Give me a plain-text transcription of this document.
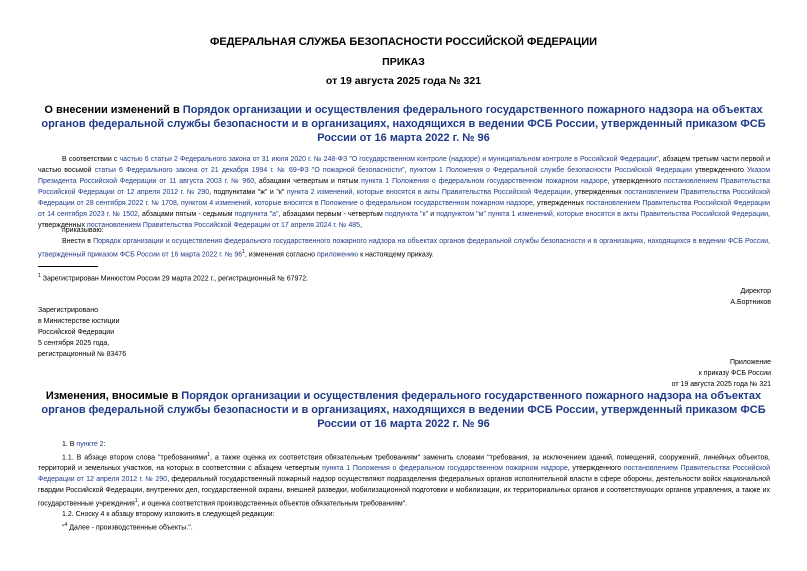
ФЕДЕРАЛЬНАЯ СЛУЖБА БЕЗОПАСНОСТИ РОССИЙСКОЙ ФЕДЕРАЦИИ
ПРИКАЗ
от 19 августа 2025 года № 321
О внесении изменений в Порядок организации и осуществления федерального государственного пожарного надзора на объектах органов федеральной службы безопасности и в организациях, находящихся в ведении ФСБ России, утвержденный приказом ФСБ России от 16 марта 2022 г. № 96
В соответствии с частью 6 статьи 2 Федерального закона от 31 июля 2020 г. № 248-ФЗ "О государственном контроле (надзоре) и муниципальном контроле в Российской Федерации", абзацем третьим части первой и частью восьмой статьи 6 Федерального закона от 21 декабря 1994 г. № 69-ФЗ "О пожарной безопасности", пунктом 1 Положения о Федеральной службе безопасности Российской Федерации утвержденного Указом Президента Российской Федерации от 11 августа 2003 г. № 960, абзацами четвертым и пятым пункта 1 Положения о федеральном государственном пожарном надзоре, утвержденного постановлением Правительства Российской Федерации от 12 апреля 2012 г. № 290, подпунктами "ж" и "к" пункта 2 изменений, которые вносятся в акты Правительства Российской Федерации, утвержденных постановлением Правительства Российской Федерации от 28 сентября 2022 г. № 1708, пунктом 4 изменений, которые вносятся в Положение о федеральном государственном пожарном надзоре, утвержденных постановлением Правительства Российской Федерации от 14 сентября 2023 г. № 1502, абзацами пятым - седьмым подпункта "а", абзацами первым - четвертым подпункта "к" и подпунктом "м" пункта 1 изменений, которые вносятся в акты Правительства Российской Федерации, утвержденных постановлением Правительства Российской Федерации от 17 апреля 2024 г. № 485,
приказываю:
Внести в Порядок организации и осуществления федерального государственного пожарного надзора на объектах органов федеральной службы безопасности и в организациях, находящихся в ведении ФСБ России, утвержденный приказом ФСБ России от 16 марта 2022 г. № $96^1$, изменения согласно приложению к настоящему приказу.
$^1$ Зарегистрирован Минюстом России 29 марта 2022 г., регистрационный № 67972.
Директор
А.Бортников
Зарегистрировано
в Министерстве юстиции
Российской Федерации
5 сентября 2025 года,
регистрационный № 83476
Приложение
к приказу ФСБ России
от 19 августа 2025 года № 321
Изменения, вносимые в Порядок организации и осуществления федерального государственного пожарного надзора на объектах органов федеральной службы безопасности и в организациях, находящихся в ведении ФСБ России, утвержденный приказом ФСБ России от 16 марта 2022 г. № 96
1. В пункте 2:
1.1. В абзаце втором слова "требованиями$^1$, а также оценка их соответствия обязательным требованиям" заменить словами "требования, за исключением зданий, помещений, сооружений, линейных объектов, территорий и земельных участков, на которых в соответствии с абзацем четвертым пункта 1 Положения о федеральном государственном пожарном надзоре, утвержденного постановлением Правительства Российской Федерации от 12 апреля 2012 г. № 290, федеральный государственный пожарный надзор осуществляют подразделения федеральных органов исполнительной власти в сфере обороны, деятельности войск национальной гвардии Российской Федерации, внутренних дел, государственной охраны, внешней разведки, мобилизационной подготовки и мобилизации, их территориальных органов и соответствующих органов управления, а также их государственные учреждения$^1$, и оценка соответствия производственных объектов обязательным требованиям".
1.2. Сноску 4 к абзацу второму изложить в следующей редакции:
"$^4$ Далее - производственные объекты.".
